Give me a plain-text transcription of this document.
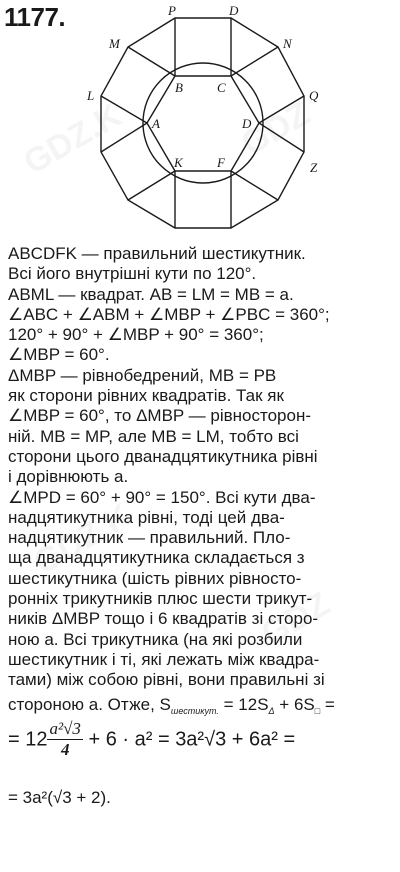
1177.	P	D
M	N
L	Q
B	C
A	D
K	F	Z
ABCDFK — правильний шестикутник.
Всі його внутрішні кути по 120°.
ABML — квадрат. AB = LM = MB = a.
∠ABC + ∠ABM + ∠MBP + ∠PBC = 360°;
120° + 90° + ∠MBP + 90° = 360°;
∠MBP = 60°.
ΔMBP — рівнобедрений, MB = PB
як сторони рівних квадратів. Так як
∠MBP = 60°, то ΔMBP — рівносторон-
ній. MB = MP, але MB = LM, тобто всі
сторони цього дванадцятикутника рівні
і дорівнюють a.
∠MPD = 60° + 90° = 150°. Всі кути два-
надцятикутника рівні, тоді цей два-
надцятикутник — правильний. Пло-
ща дванадцятикутника складається з
шестикутника (шість рівних рівносто-
ронніх трикутників плюс шести трикут-
ників ΔMBP тощо і 6 квадратів зі сторо-
ною a. Всі трикутника (на які розбили
шестикутник і ті, які лежать між квадра-
тами) між собою рівні, вони правильні зі
стороною a. Отже, $S_{шестикут.} = 12S_\Delta + 6S_□$ =
= $12 \frac{\text{a²√3}}{4} + 6 \cdot a^2 = 3a^2√3 + 6a^2$ =
= 3a²(√3 + 2).
